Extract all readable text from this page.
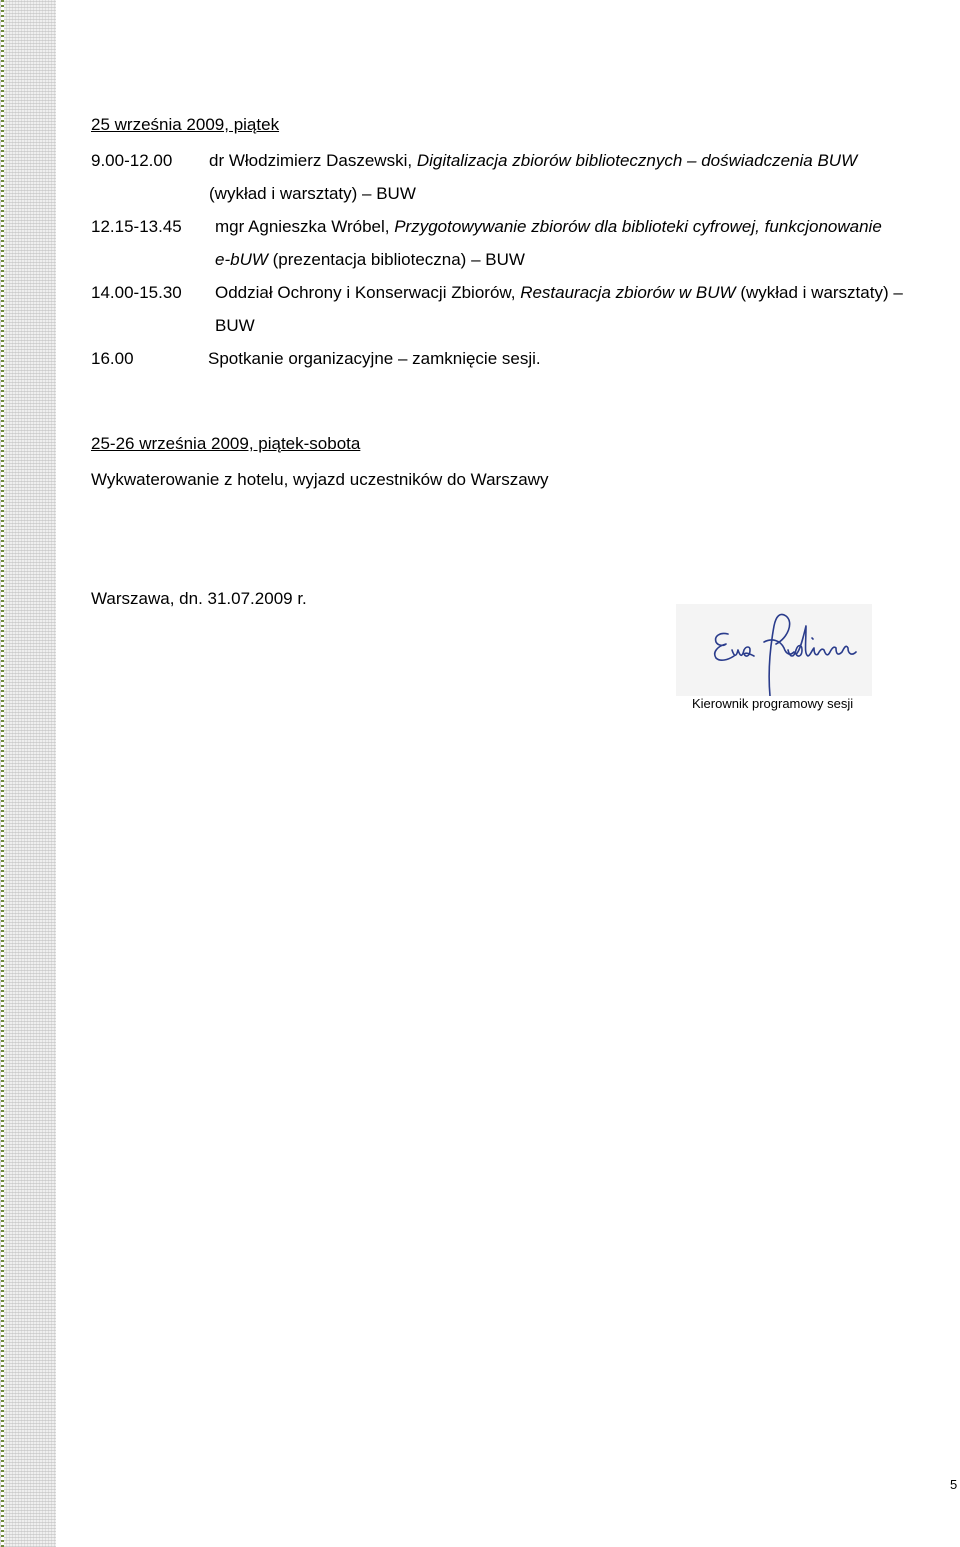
25 września 2009, piątek
9.00-12.00	dr Włodzimierz Daszewski, Digitalizacja zbiorów bibliotecznych – doświadczenia BUW
(wykład i warsztaty) – BUW
12.15-13.45	mgr Agnieszka Wróbel, Przygotowywanie zbiorów dla biblioteki cyfrowej, funkcjonowanie
e-bUW (prezentacja biblioteczna) – BUW
14.00-15.30	Oddział Ochrony i Konserwacji Zbiorów, Restauracja zbiorów w BUW (wykład i warsztaty) –
BUW
16.00	Spotkanie organizacyjne – zamknięcie sesji.
25-26 września 2009, piątek-sobota
Wykwaterowanie z hotelu, wyjazd uczestników do Warszawy
Warszawa, dn. 31.07.2009 r.
Kierownik programowy sesji
5
